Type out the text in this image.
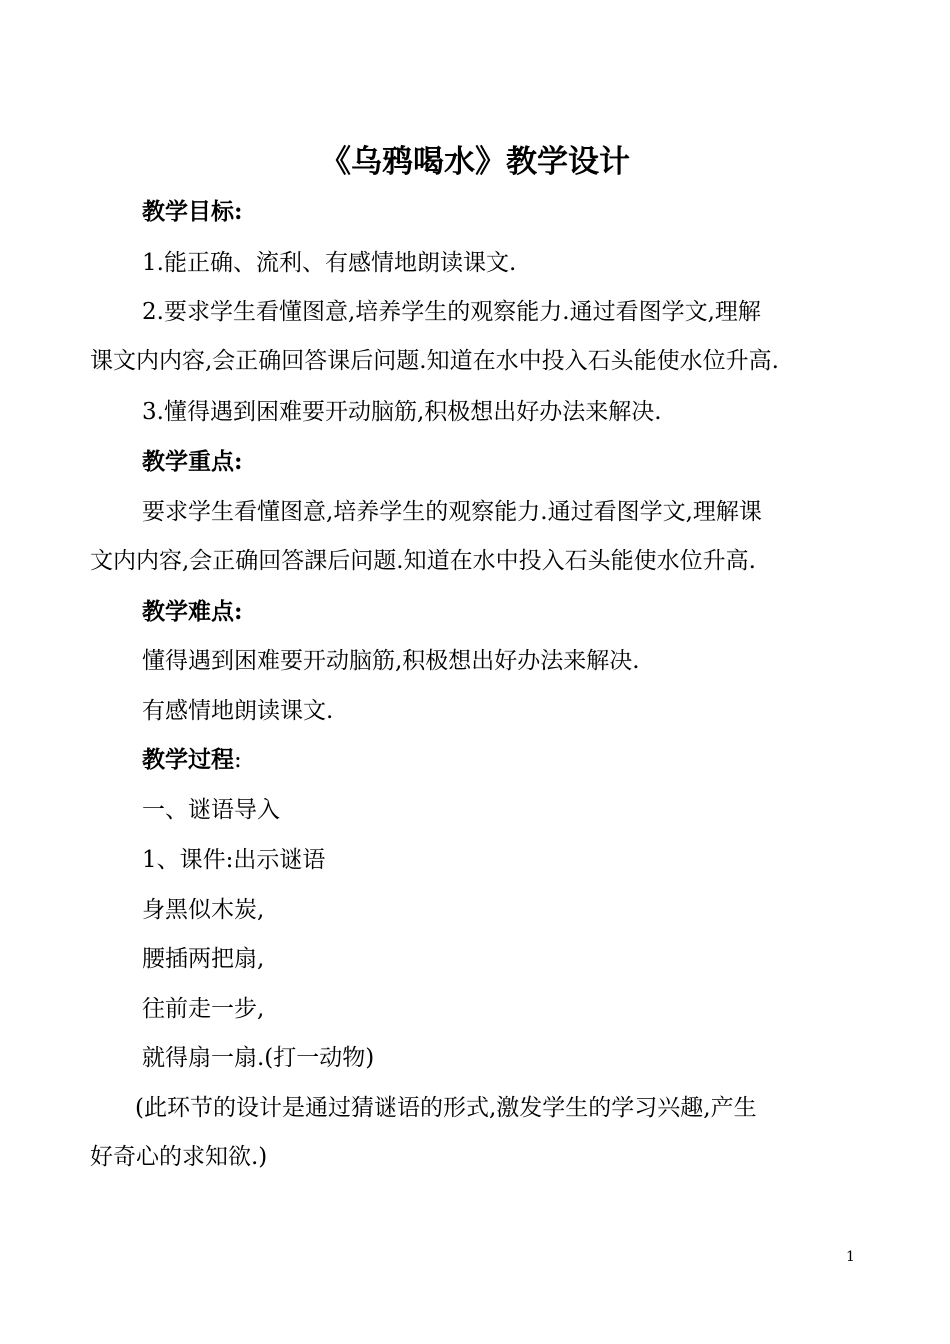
《乌鸦喝水》教学设计
教学目标:
1.能正确、流利、有感情地朗读课文.
2.要求学生看懂图意,培养学生的观察能力.通过看图学文,理解
课文内内容,会正确回答课后问题.知道在水中投入石头能使水位升高.
3.懂得遇到困难要开动脑筋,积极想出好办法来解决.
教学重点:
要求学生看懂图意,培养学生的观察能力.通过看图学文,理解课
文内内容,会正确回答課后问题.知道在水中投入石头能使水位升高.
教学难点:
懂得遇到困难要开动脑筋,积极想出好办法来解决.
有感情地朗读课文.
教学过程:
一、谜语导入
1、课件:出示谜语
身黑似木炭,
腰插两把扇,
往前走一步,
就得扇一扇.(打一动物)
(此环节的设计是通过猜谜语的形式,激发学生的学习兴趣,产生
好奇心的求知欲.)
1
